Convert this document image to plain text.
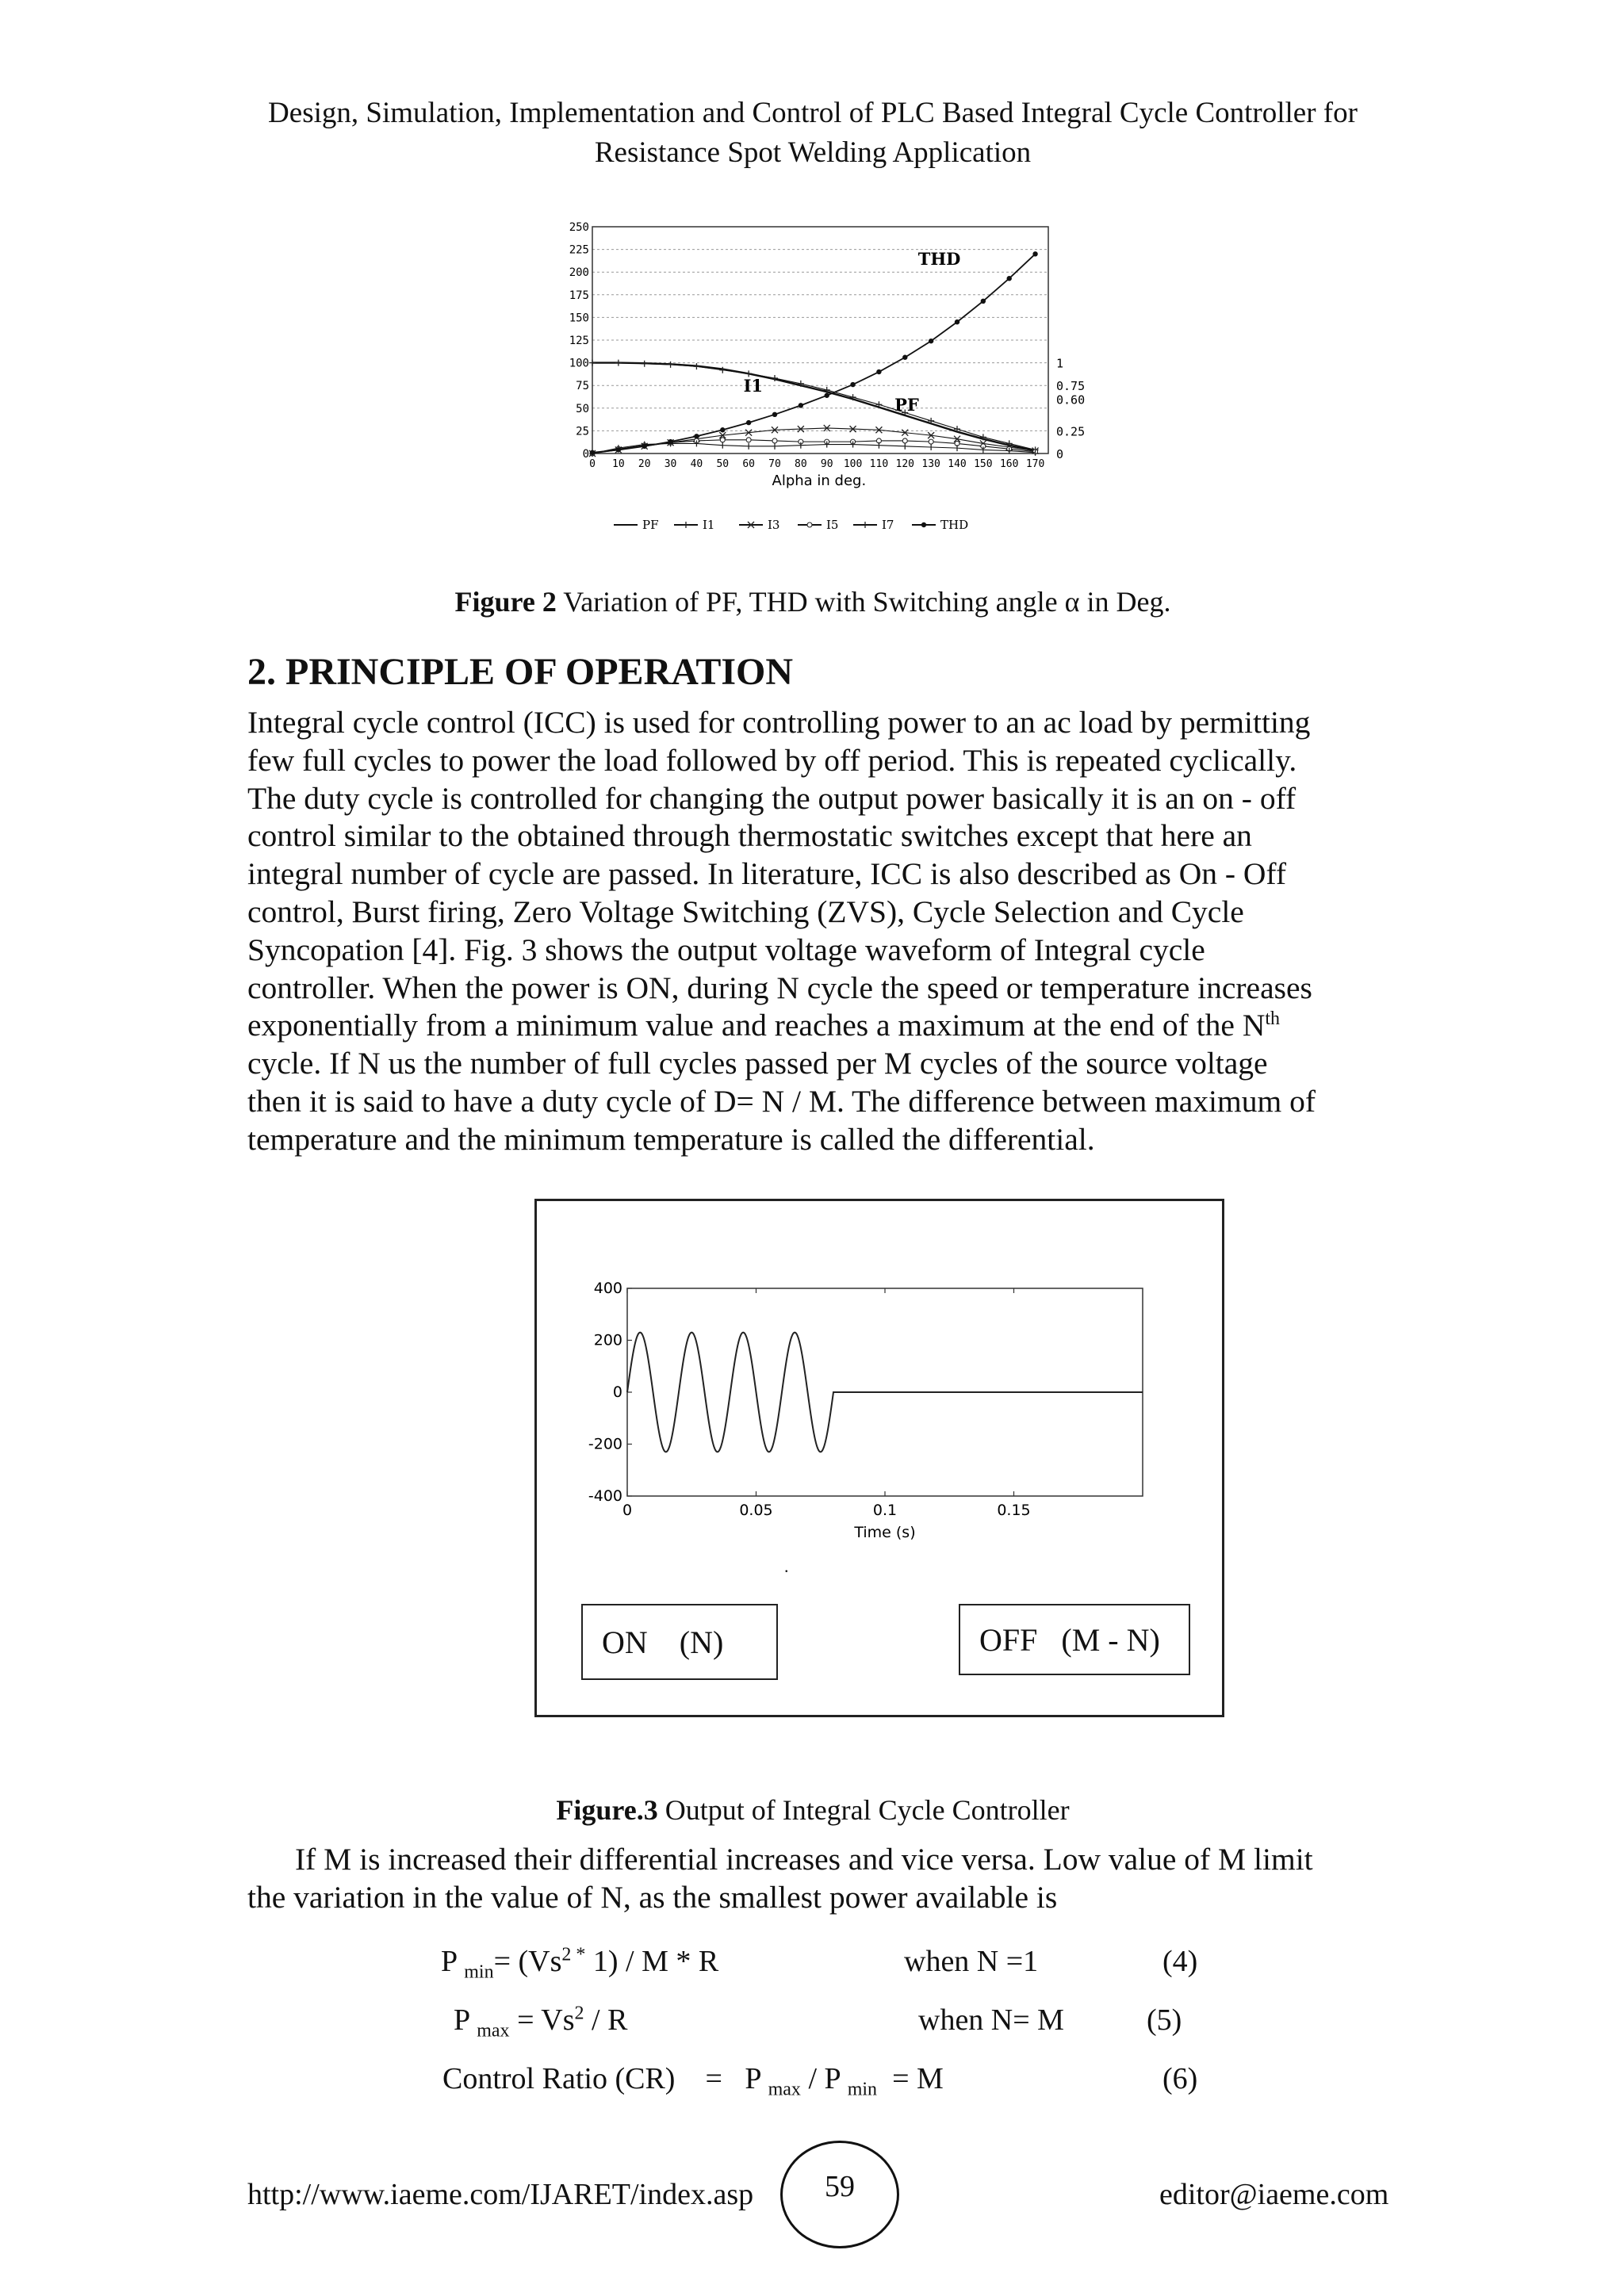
Design, Simulation, Implementation and Control of PLC Based Integral Cycle Controller for
Resistance Spot Welding Application
0
25
50
75
100
125
150
175
200
225
250
0 10 20 30 40 50 60 70 80 90 100 110 120 130 140 150 160 170
Alpha in deg.
1
0.75
0.60
0.25
0
THD
I1
PF
PF	I1	I3	I5	I7	THD
Figure 2 Variation of PF, THD with Switching angle α in Deg.
2. PRINCIPLE OF OPERATION
Integral cycle control (ICC) is used for controlling power to an ac load by permitting
few full cycles to power the load followed by off period. This is repeated cyclically.
The duty cycle is controlled for changing the output power basically it is an on - off
control similar to the obtained through thermostatic switches except that here an
integral number of cycle are passed. In literature, ICC is also described as On - Off
control, Burst firing, Zero Voltage Switching (ZVS), Cycle Selection and Cycle
Syncopation [4]. Fig. 3 shows the output voltage waveform of Integral cycle
controller. When the power is ON, during N cycle the speed or temperature increases
exponentially from a minimum value and reaches a maximum at the end of the $N^{th}$
cycle. If N us the number of full cycles passed per M cycles of the source voltage
then it is said to have a duty cycle of D= N / M. The difference between maximum of
temperature and the minimum temperature is called the differential.
400
200
0
-200
-400
0	0.05	0.1	0.15
Time (s)
ON    (N)	OFF   (M - N)
.
Figure.3 Output of Integral Cycle Controller
If M is increased their differential increases and vice versa. Low value of M limit
the variation in the value of N, as the smallest power available is
P $_{min}= (Vs^{2 *}$ 1) / M * R	when N =1	(4)
P $_{max} = Vs^2 / R$	when N= M	(5)
Control Ratio (CR)    =   P $_{max}$ / P $_{min}$  = M	(6)
http://www.iaeme.com/IJARET/index.asp	59	editor@iaeme.com
